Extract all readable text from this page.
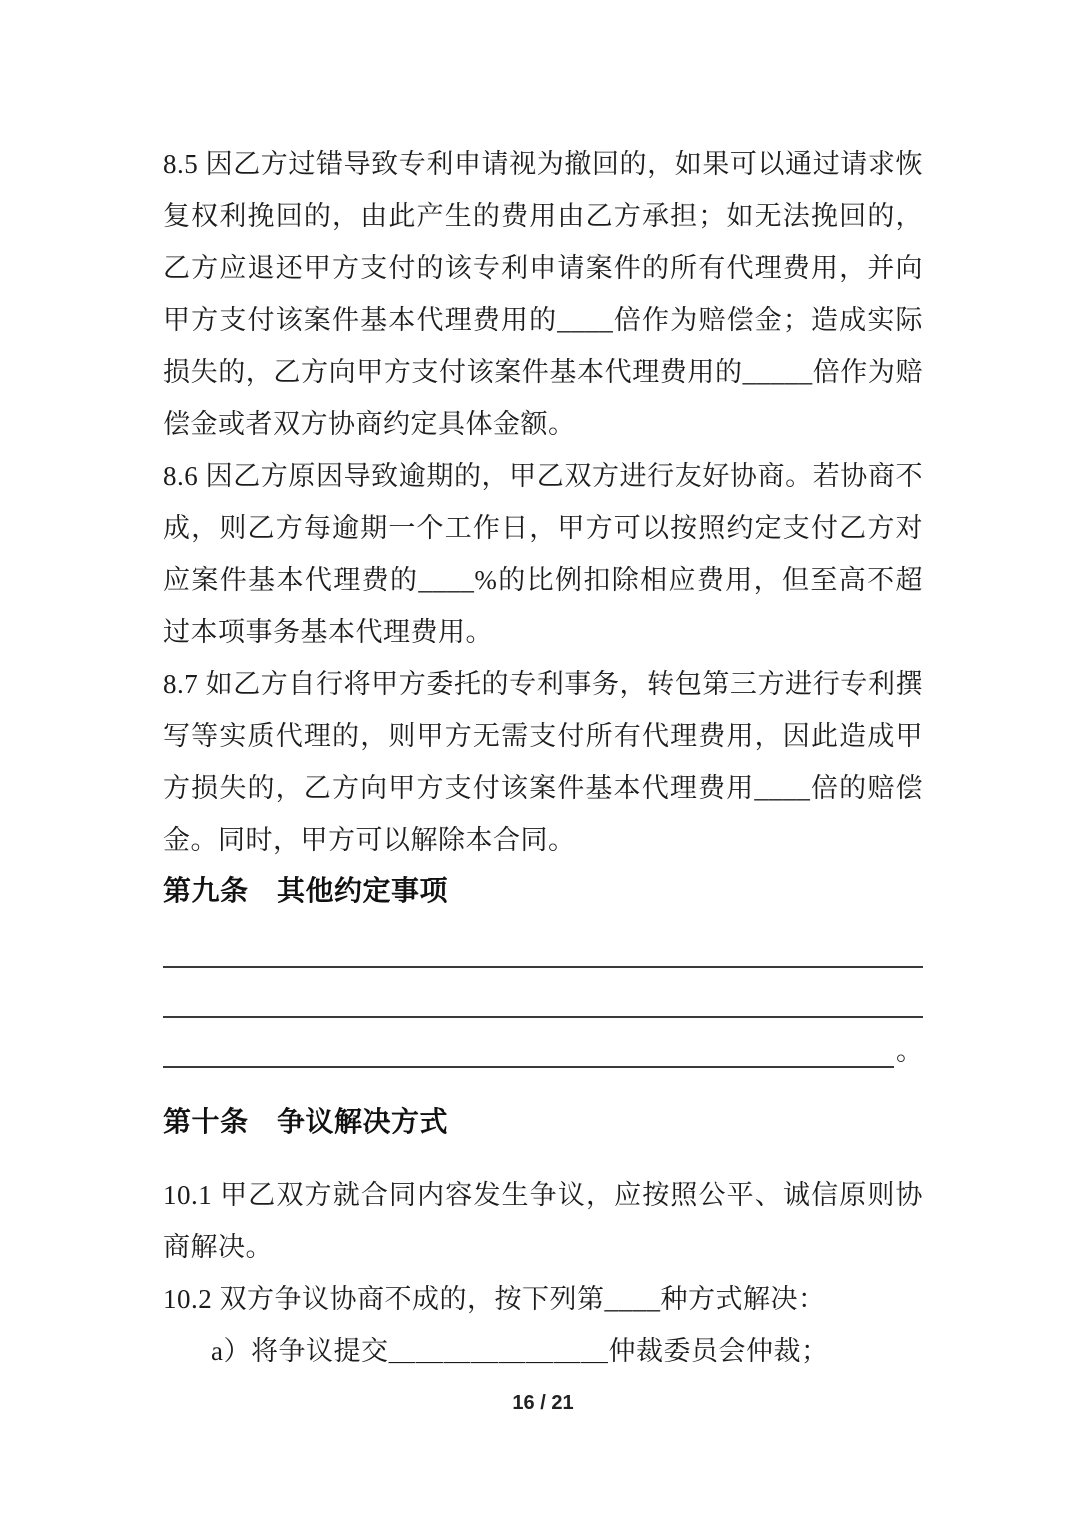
8.5 因乙方过错导致专利申请视为撤回的，如果可以通过请求恢复权利挽回的，由此产生的费用由乙方承担；如无法挽回的，乙方应退还甲方支付的该专利申请案件的所有代理费用，并向甲方支付该案件基本代理费用的____倍作为赔偿金；造成实际损失的，乙方向甲方支付该案件基本代理费用的_____倍作为赔偿金或者双方协商约定具体金额。

8.6 因乙方原因导致逾期的，甲乙双方进行友好协商。若协商不成，则乙方每逾期一个工作日，甲方可以按照约定支付乙方对应案件基本代理费的____%的比例扣除相应费用，但至高不超过本项事务基本代理费用。

8.7 如乙方自行将甲方委托的专利事务，转包第三方进行专利撰写等实质代理的，则甲方无需支付所有代理费用，因此造成甲方损失的，乙方向甲方支付该案件基本代理费用____倍的赔偿金。同时，甲方可以解除本合同。

第九条　其他约定事项
。
第十条　争议解决方式

10.1 甲乙双方就合同内容发生争议，应按照公平、诚信原则协商解决。

10.2 双方争议协商不成的，按下列第____种方式解决：

a）将争议提交＿＿＿＿＿＿＿＿仲裁委员会仲裁；

16 / 21
